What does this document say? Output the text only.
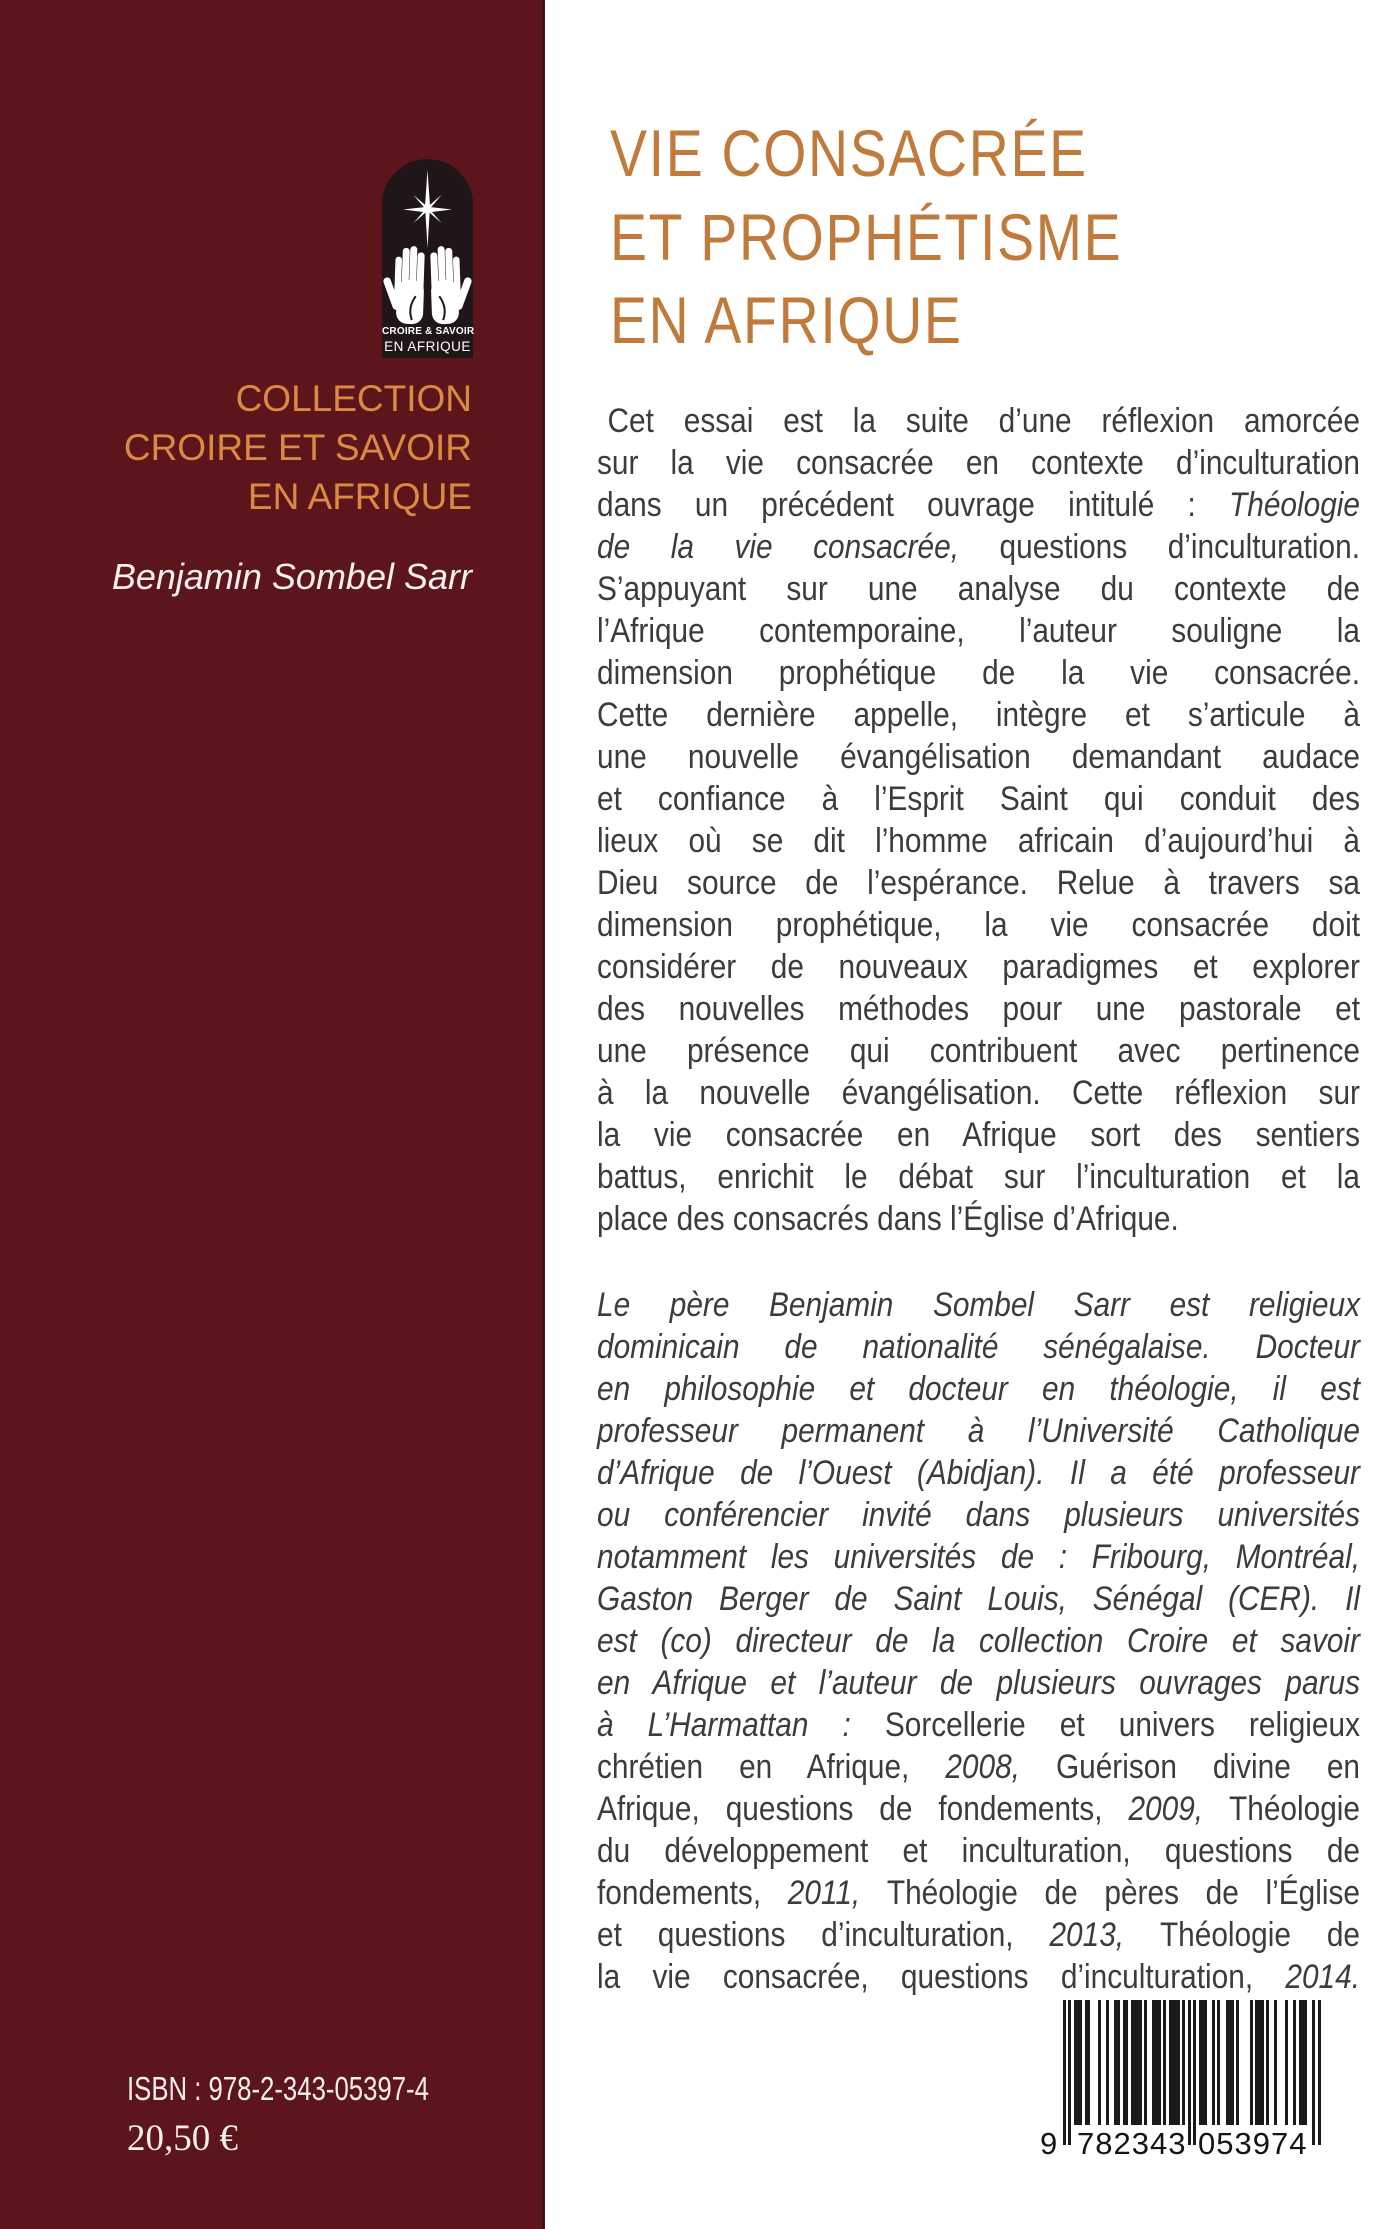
CROIRE & SAVOIR
EN AFRIQUE
COLLECTION
CROIRE ET SAVOIR
EN AFRIQUE
Benjamin Sombel Sarr
VIE CONSACRÉE
ET PROPHÉTISME
EN AFRIQUE
Cet essai est la suite d’une réflexion amorcée
sur la vie consacrée en contexte d’inculturation
dans un précédent ouvrage intitulé : Théologie
de la vie consacrée, questions d’inculturation.
S’appuyant sur une analyse du contexte de
l’Afrique contemporaine, l’auteur souligne la
dimension prophétique de la vie consacrée.
Cette dernière appelle, intègre et s’articule à
une nouvelle évangélisation demandant audace
et confiance à l’Esprit Saint qui conduit des
lieux où se dit l’homme africain d’aujourd’hui à
Dieu source de l’espérance. Relue à travers sa
dimension prophétique, la vie consacrée doit
considérer de nouveaux paradigmes et explorer
des nouvelles méthodes pour une pastorale et
une présence qui contribuent avec pertinence
à la nouvelle évangélisation. Cette réflexion sur
la vie consacrée en Afrique sort des sentiers
battus, enrichit le débat sur l’inculturation et la
place des consacrés dans l’Église d’Afrique.
Le père Benjamin Sombel Sarr est religieux
dominicain de nationalité sénégalaise. Docteur
en philosophie et docteur en théologie, il est
professeur permanent à l’Université Catholique
d’Afrique de l’Ouest (Abidjan). Il a été professeur
ou conférencier invité dans plusieurs universités
notamment les universités de : Fribourg, Montréal,
Gaston Berger de Saint Louis, Sénégal (CER). Il
est (co) directeur de la collection Croire et savoir
en Afrique et l’auteur de plusieurs ouvrages parus
à L’Harmattan : Sorcellerie et univers religieux
chrétien en Afrique, 2008, Guérison divine en
Afrique, questions de fondements, 2009, Théologie
du développement et inculturation, questions de
fondements, 2011, Théologie de pères de l’Église
et questions d’inculturation, 2013, Théologie de
la vie consacrée, questions d’inculturation, 2014.
ISBN : 978-2-343-05397-4
20,50 €	9 782343 053974
